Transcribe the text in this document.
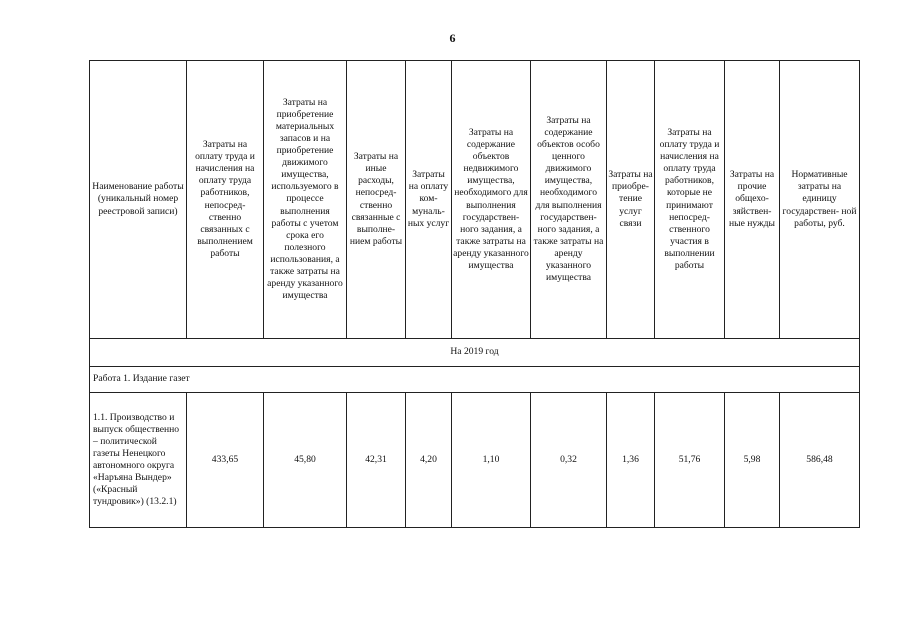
6
Наименование работы (уникальный номер реестровой записи)	Затраты на оплату труда и начисления на оплату труда работников, непосред- ственно связанных с выполнением работы	Затраты на приобретение материальных запасов и на приобретение движимого имущества, используемого в процессе выполнения работы с учетом срока его полезного использования, а также затраты на аренду указанного имущества	Затраты на иные расходы, непосред- ственно связанные с выполне- нием работы	Затраты на оплату ком- муналь- ных услуг	Затраты на содержание объектов недвижимого имущества, необходимого для выполнения государствен- ного задания, а также затраты на аренду указанного имущества	Затраты на содержание объектов особо ценного движимого имущества, необходимого для выполнения государствен- ного задания, а также затраты на аренду указанного имущества	Затраты на приобре- тение услуг связи	Затраты на оплату труда и начисления на оплату труда работников, которые не принимают непосред- ственного участия в выполнении работы	Затраты на прочие общехо- зяйствен- ные нужды	Нормативные затраты на единицу государствен- ной работы, руб.
На 2019 год										
Работа 1. Издание газет										
1.1. Производство и выпуск общественно – политической газеты Ненецкого автономного округа «Наръяна Вындер» («Красный тундровик») (13.2.1)	433,65	45,80	42,31	4,20	1,10	0,32	1,36	51,76	5,98	586,48
